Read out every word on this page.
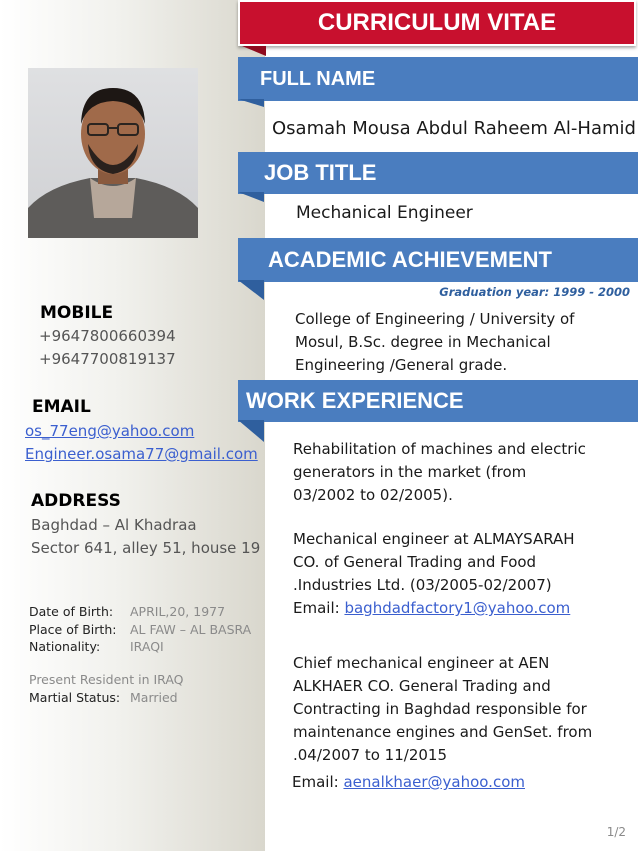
CURRICULUM VITAE
FULL NAME
Osamah Mousa Abdul Raheem Al-Hamid
JOB TITLE
Mechanical Engineer
ACADEMIC ACHIEVEMENT
Graduation year: 1999 - 2000
College of Engineering / University of
Mosul, B.Sc. degree in Mechanical
Engineering /General grade.
WORK EXPERIENCE
Rehabilitation of machines and electric
generators in the market (from
03/2002 to 02/2005).
Mechanical engineer at ALMAYSARAH
CO. of General Trading and Food
.Industries Ltd. (03/2005-02/2007)
Email: baghdadfactory1@yahoo.com
Chief mechanical engineer at AEN
ALKHAER CO. General Trading and
Contracting in Baghdad responsible for
maintenance engines and GenSet. from
.04/2007 to 11/2015
Email: aenalkhaer@yahoo.com
MOBILE
+9647800660394
+9647700819137
EMAIL
os_77eng@yahoo.com
Engineer.osama77@gmail.com
ADDRESS
Baghdad – Al Khadraa
Sector 641, alley 51, house 19
Date of Birth:	APRIL,20, 1977
Place of Birth:	AL FAW – AL BASRA
Nationality:	IRAQI
Present Resident in IRAQ
Martial Status: Married
1/2
